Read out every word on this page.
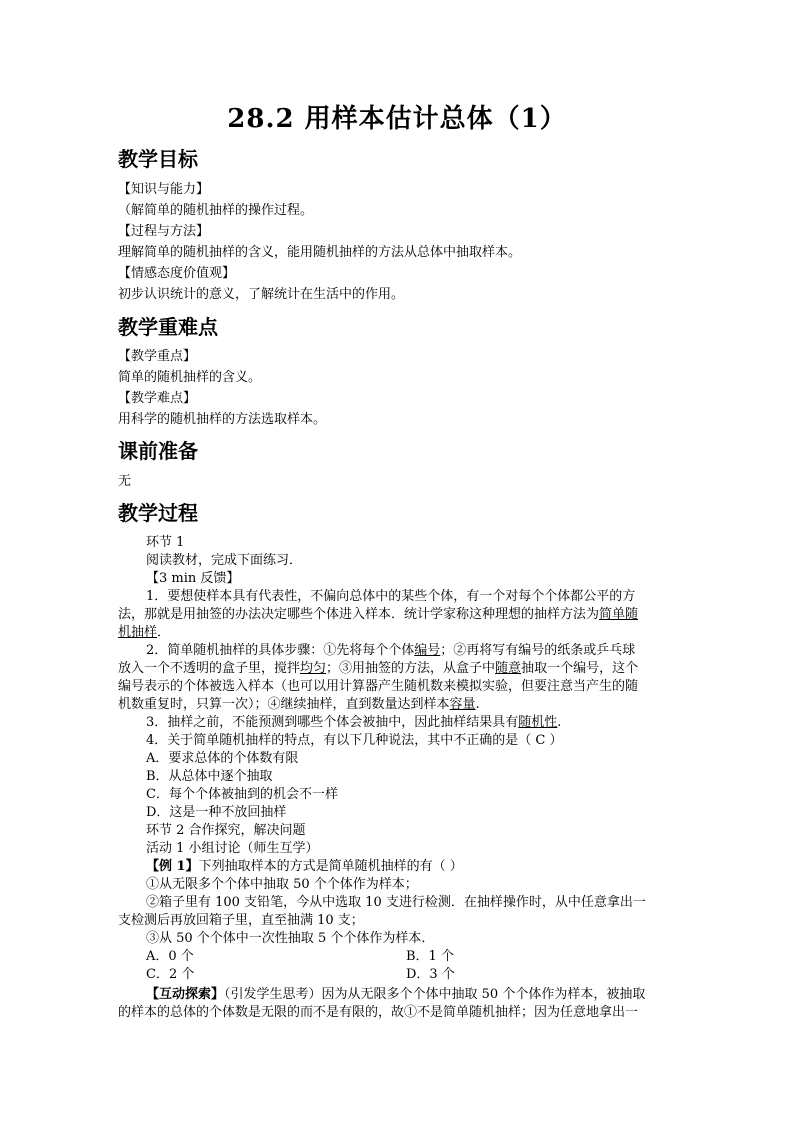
28.2 用样本估计总体（1）
教学目标

【知识与能力】

（解简单的随机抽样的操作过程。

【过程与方法】

理解简单的随机抽样的含义，能用随机抽样的方法从总体中抽取样本。

【情感态度价值观】

初步认识统计的意义，了解统计在生活中的作用。

教学重难点

【教学重点】

简单的随机抽样的含义。

【教学难点】

用科学的随机抽样的方法选取样本。

课前准备

无

教学过程

环节 1

阅读教材，完成下面练习．

【3 min 反馈】

1．要想使样本具有代表性，不偏向总体中的某些个体，有一个对每个个体都公平的方

法，那就是用抽签的办法决定哪些个体进入样本．统计学家称这种理想的抽样方法为简单随

机抽样．

2．简单随机抽样的具体步骤：①先将每个个体编号；②再将写有编号的纸条或乒乓球

放入一个不透明的盒子里，搅拌均匀；③用抽签的方法，从盒子中随意抽取一个编号，这个

编号表示的个体被选入样本（也可以用计算器产生随机数来模拟实验，但要注意当产生的随

机数重复时，只算一次）；④继续抽样，直到数量达到样本容量.

3．抽样之前，不能预测到哪些个体会被抽中，因此抽样结果具有随机性.

4．关于简单随机抽样的特点，有以下几种说法，其中不正确的是（ C ）

A．要求总体的个体数有限

B．从总体中逐个抽取

C．每个个体被抽到的机会不一样

D．这是一种不放回抽样

环节 2 合作探究，解决问题

活动 1 小组讨论（师生互学）

【例 1】下列抽取样本的方式是简单随机抽样的有（ ）

①从无限多个个体中抽取 50 个个体作为样本；

②箱子里有 100 支铅笔，今从中选取 10 支进行检测．在抽样操作时，从中任意拿出一

支检测后再放回箱子里，直至抽满 10 支；

③从 50 个个体中一次性抽取 5 个个体作为样本．

A．0 个	B．1 个

C．2 个	D．3 个

【互动探索】（引发学生思考）因为从无限多个个体中抽取 50 个个体作为样本，被抽取

的样本的总体的个体数是无限的而不是有限的，故①不是简单随机抽样；因为任意地拿出一
